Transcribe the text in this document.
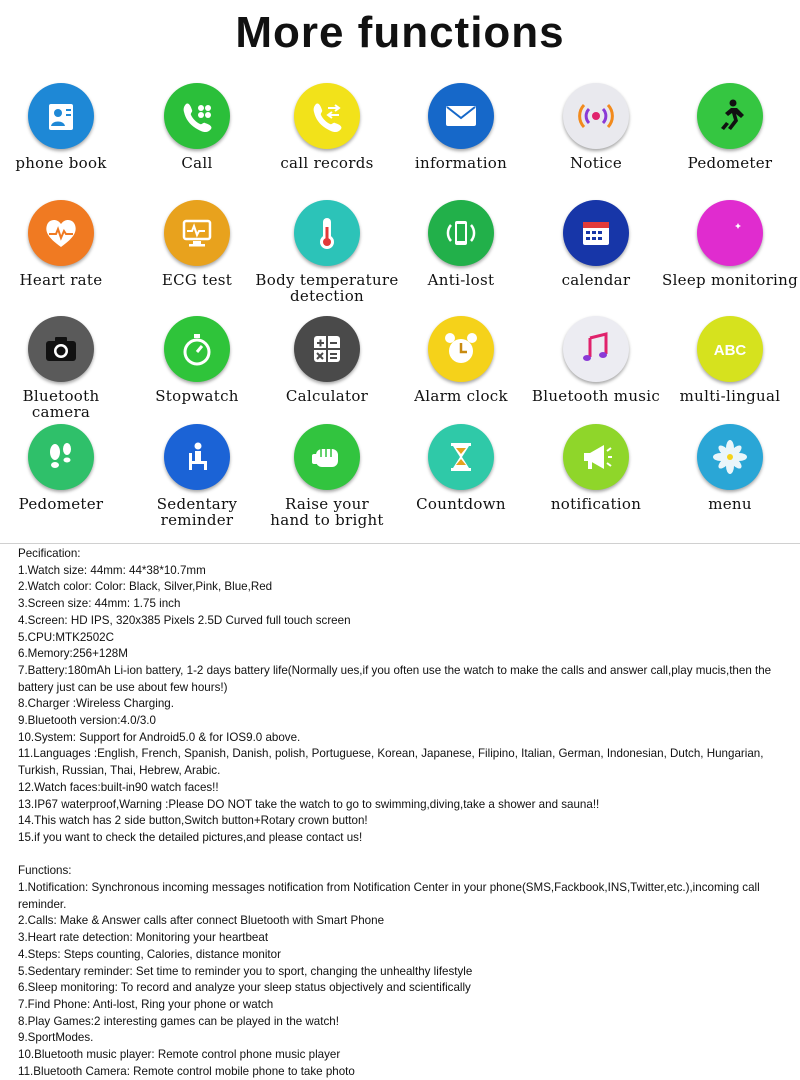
More functions
phone book	Call	call records	information	Notice	Pedometer
Heart rate	ECG test	Body temperature
detection
Anti-lost	calendar	Sleep monitoring
Bluetooth
camera
Stopwatch	Calculator	Alarm clock	Bluetooth music
ABC
multi-lingual
Pedometer	Sedentary
reminder
Raise your
hand to bright
Countdown	notification	menu
Pecification:
1.Watch size: 44mm: 44*38*10.7mm
2.Watch color: Color: Black, Silver,Pink, Blue,Red
3.Screen size: 44mm: 1.75 inch
4.Screen: HD IPS, 320x385 Pixels 2.5D Curved full touch screen
5.CPU:MTK2502C
6.Memory:256+128M
7.Battery:180mAh Li-ion battery, 1-2 days battery life(Normally ues,if you often use the watch to make the calls and answer call,play mucis,then the battery just can be use about few hours!)
8.Charger :Wireless Charging.
9.Bluetooth version:4.0/3.0
10.System: Support for Android5.0 & for IOS9.0 above.
11.Languages :English, French, Spanish, Danish, polish, Portuguese, Korean, Japanese, Filipino, Italian, German, Indonesian, Dutch, Hungarian, Turkish, Russian, Thai, Hebrew, Arabic.
12.Watch faces:built-in90 watch faces!!
13.IP67 waterproof,Warning :Please DO NOT take the watch to go to swimming,diving,take a shower and sauna!!
14.This watch has 2 side button,Switch button+Rotary crown button!
15.if you want to check the detailed pictures,and please contact us!
Functions:
1.Notification: Synchronous incoming messages notification from Notification Center in your phone(SMS,Fackbook,INS,Twitter,etc.),incoming call reminder.
2.Calls: Make & Answer calls after connect Bluetooth with Smart Phone
3.Heart rate detection: Monitoring your heartbeat
4.Steps: Steps counting, Calories, distance monitor
5.Sedentary reminder: Set time to reminder you to sport, changing the unhealthy lifestyle
6.Sleep monitoring: To record and analyze your sleep status objectively and scientifically
7.Find Phone: Anti-lost, Ring your phone or watch
8.Play Games:2 interesting games can be played in the watch!
9.SportModes.
10.Bluetooth music player: Remote control phone music player
11.Bluetooth Camera: Remote control mobile phone to take photo
